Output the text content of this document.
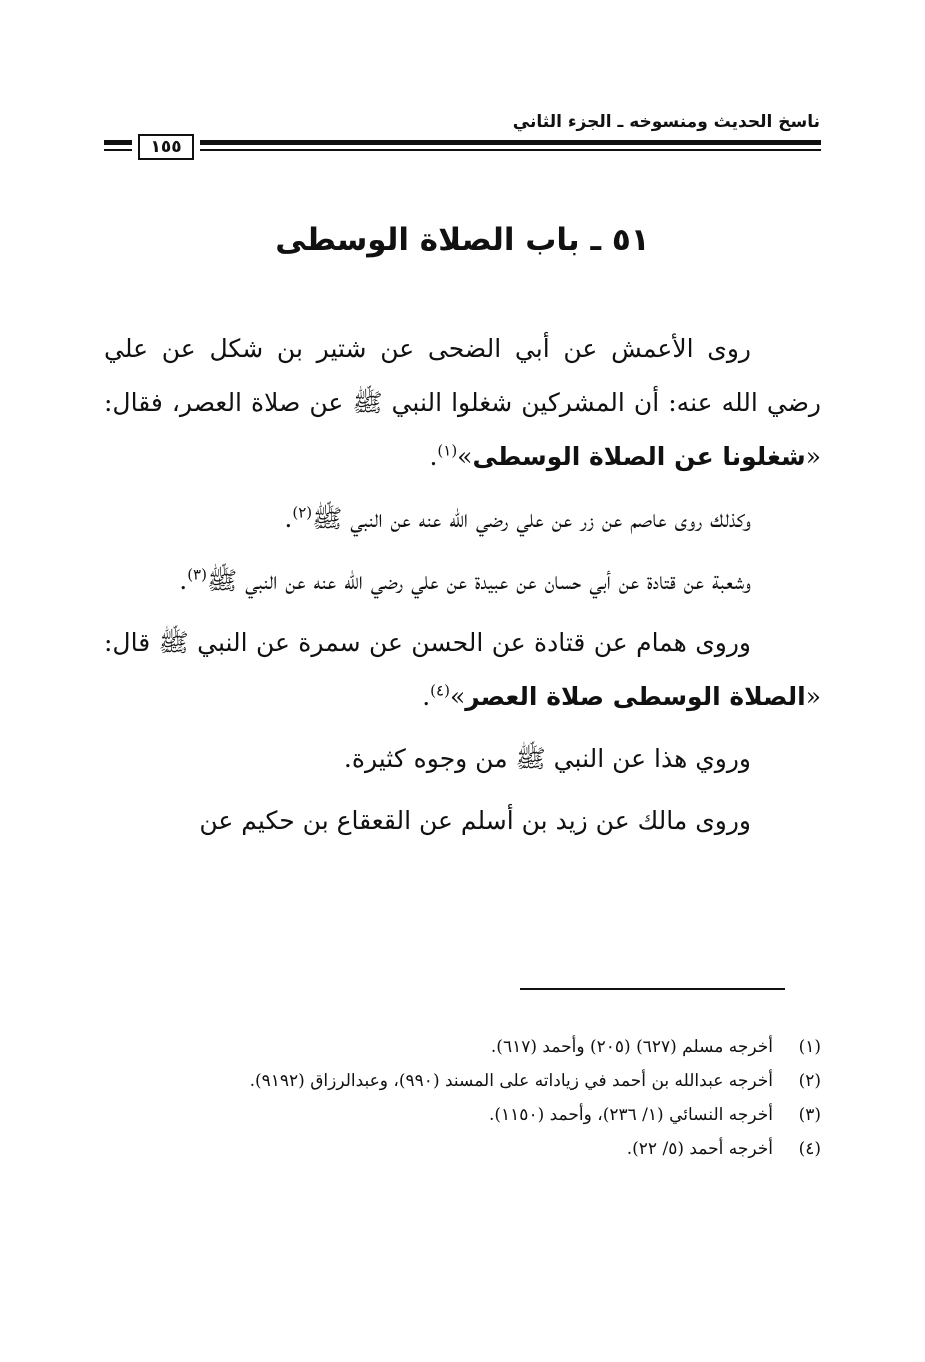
ناسخ الحديث ومنسوخه ـ الجزء الثاني
١٥٥
٥١ ـ باب الصلاة الوسطى

روى الأعمش عن أبي الضحى عن شتير بن شكل عن علي رضي الله عنه: أن المشركين شغلوا النبي ﷺ عن صلاة العصر، فقال: «شغلونا عن الصلاة الوسطى»$^{(١)}$.

وكذلك روى عاصم عن زر عن علي رضي الله عنه عن النبي ﷺ$^{(٢)}$.

وشعبة عن قتادة عن أبي حسان عن عبيدة عن علي رضي الله عنه عن النبي ﷺ$^{(٣)}$.

وروى همام عن قتادة عن الحسن عن سمرة عن النبي ﷺ قال: «الصلاة الوسطى صلاة العصر»$^{(٤)}$.

وروي هذا عن النبي ﷺ من وجوه كثيرة.

وروى مالك عن زيد بن أسلم عن القعقاع بن حكيم عن

(١)
أخرجه مسلم (٦٢٧) (٢٠٥) وأحمد (٦١٧).
(٢)
أخرجه عبدالله بن أحمد في زياداته على المسند (٩٩٠)، وعبدالرزاق (٩١٩٢).
(٣)
أخرجه النسائي (١/ ٢٣٦)، وأحمد (١١٥٠).
(٤)
أخرجه أحمد (٥/ ٢٢).
